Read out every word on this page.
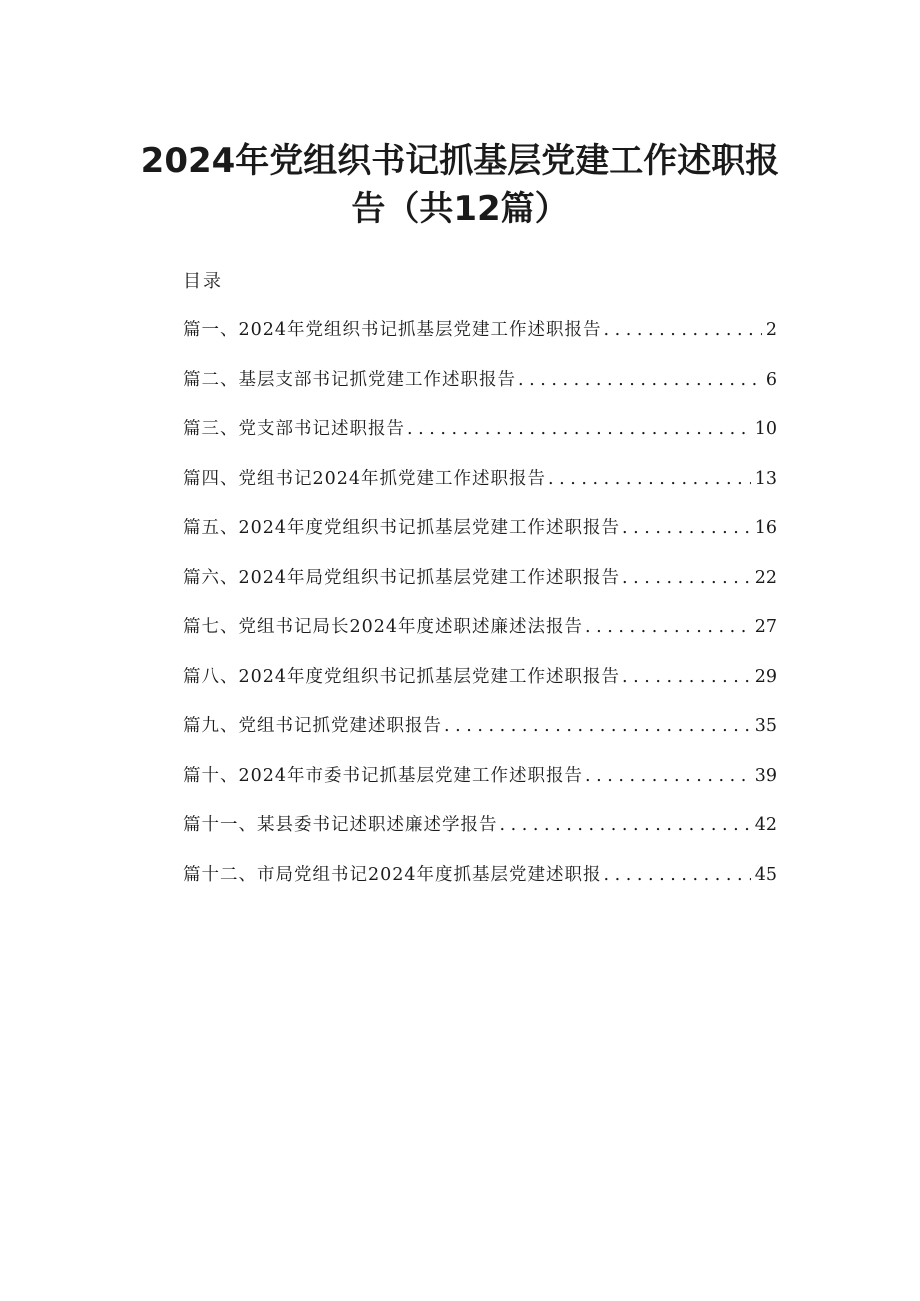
2024年党组织书记抓基层党建工作述职报
告（共12篇）

目录

篇一、2024年党组织书记抓基层党建工作述职报告 . . .	2
篇二、基层支部书记抓党建工作述职报告 . . .	6
篇三、党支部书记述职报告 . . .	10
篇四、党组书记2024年抓党建工作述职报告 . . .	13
篇五、2024年度党组织书记抓基层党建工作述职报告 . . .	16
篇六、2024年局党组织书记抓基层党建工作述职报告 . . .	22
篇七、党组书记局长2024年度述职述廉述法报告 . . .	27
篇八、2024年度党组织书记抓基层党建工作述职报告 . . .	29
篇九、党组书记抓党建述职报告 . . .	35
篇十、2024年市委书记抓基层党建工作述职报告 . . .	39
篇十一、某县委书记述职述廉述学报告 . . .	42
篇十二、市局党组书记2024年度抓基层党建述职报 . . .	45
